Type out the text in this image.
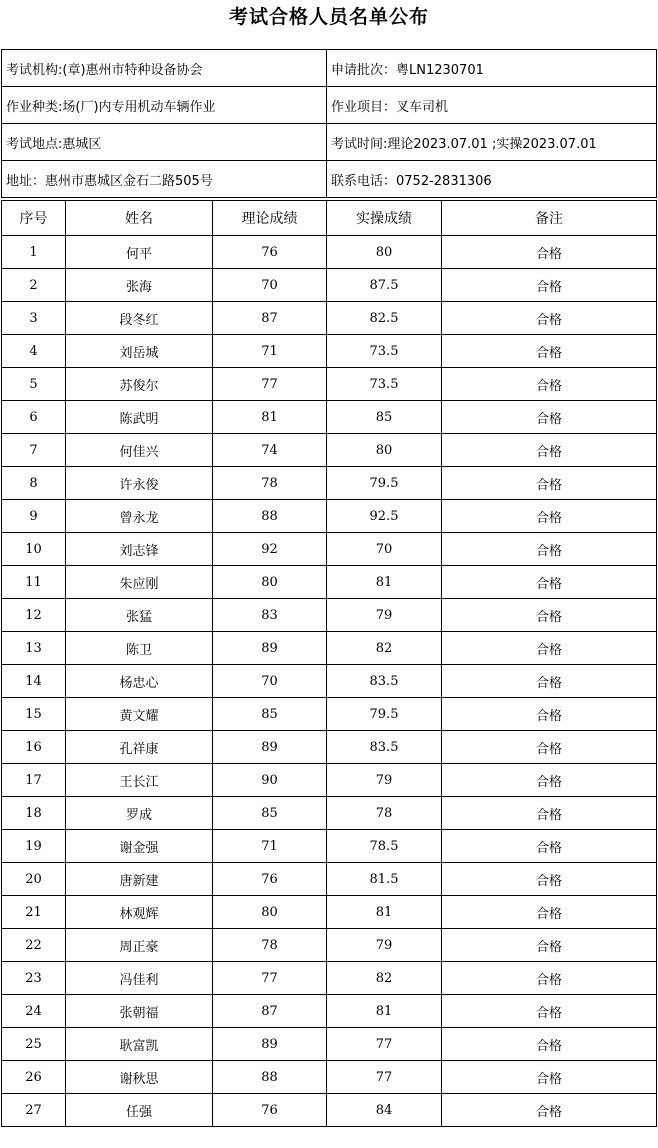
考试合格人员名单公布
考试机构:(章)惠州市特种设备协会	申请批次：粤LN1230701
作业种类:场(厂)内专用机动车辆作业	作业项目：叉车司机
考试地点:惠城区	考试时间:理论2023.07.01 ;实操2023.07.01
地址：惠州市惠城区金石二路505号	联系电话：0752-2831306
序号	姓名	理论成绩	实操成绩	备注
1	何平	76	80	合格
2	张海	70	87.5	合格
3	段冬红	87	82.5	合格
4	刘岳城	71	73.5	合格
5	苏俊尔	77	73.5	合格
6	陈武明	81	85	合格
7	何佳兴	74	80	合格
8	许永俊	78	79.5	合格
9	曾永龙	88	92.5	合格
10	刘志锋	92	70	合格
11	朱应刚	80	81	合格
12	张猛	83	79	合格
13	陈卫	89	82	合格
14	杨忠心	70	83.5	合格
15	黄文耀	85	79.5	合格
16	孔祥康	89	83.5	合格
17	王长江	90	79	合格
18	罗成	85	78	合格
19	谢金强	71	78.5	合格
20	唐新建	76	81.5	合格
21	林观辉	80	81	合格
22	周正豪	78	79	合格
23	冯佳利	77	82	合格
24	张朝福	87	81	合格
25	耿富凯	89	77	合格
26	谢秋思	88	77	合格
27	任强	76	84	合格
